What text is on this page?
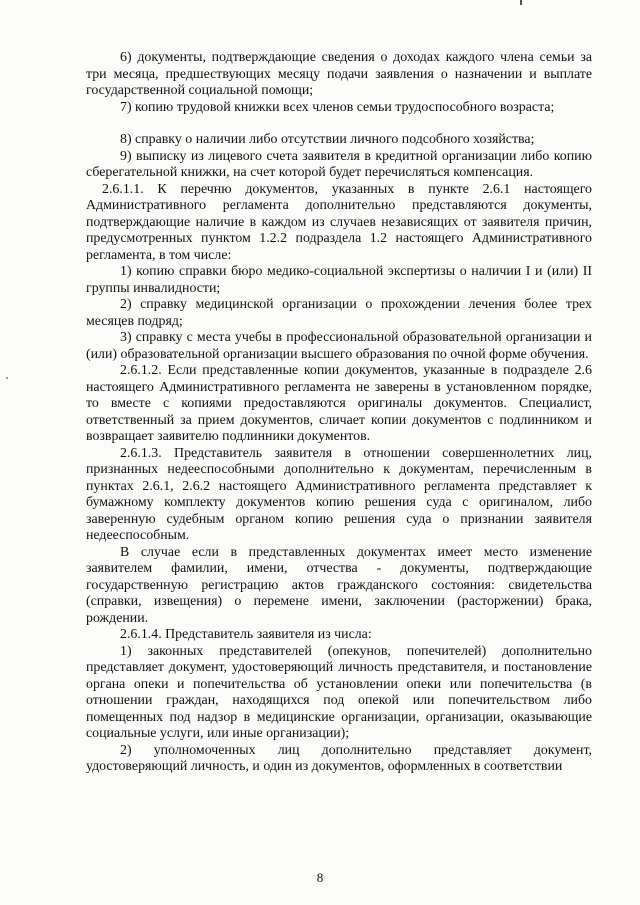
6) документы, подтверждающие сведения о доходах каждого члена семьи за три месяца, предшествующих месяцу подачи заявления о назначении и выплате государственной социальной помощи;

7) копию трудовой книжки всех членов семьи трудоспособного возраста;

8) справку о наличии либо отсутствии личного подсобного хозяйства;

9) выписку из лицевого счета заявителя в кредитной организации либо копию сберегательной книжки, на счет которой будет перечисляться компенсация.

2.6.1.1. К перечню документов, указанных в пункте 2.6.1 настоящего Административного регламента дополнительно представляются документы, подтверждающие наличие в каждом из случаев независящих от заявителя причин, предусмотренных пунктом 1.2.2 подраздела 1.2 настоящего Административного регламента, в том числе:

1) копию справки бюро медико-социальной экспертизы о наличии I и (или) II группы инвалидности;

2) справку медицинской организации о прохождении лечения более трех месяцев подряд;

3) справку с места учебы в профессиональной образовательной организации и (или) образовательной организации высшего образования по очной форме обучения.

2.6.1.2. Если представленные копии документов, указанные в подразделе 2.6 настоящего Административного регламента не заверены в установленном порядке, то вместе с копиями предоставляются оригиналы документов. Специалист, ответственный за прием документов, сличает копии документов с подлинником и возвращает заявителю подлинники документов.

2.6.1.3. Представитель заявителя в отношении совершеннолетних лиц, признанных недееспособными дополнительно к документам, перечисленным в пунктах 2.6.1, 2.6.2 настоящего Административного регламента представляет к бумажному комплекту документов копию решения суда с оригиналом, либо заверенную судебным органом копию решения суда о признании заявителя недееспособным.

В случае если в представленных документах имеет место изменение заявителем фамилии, имени, отчества - документы, подтверждающие государственную регистрацию актов гражданского состояния: свидетельства (справки, извещения) о перемене имени, заключении (расторжении) брака, рождении.

2.6.1.4. Представитель заявителя из числа:

1) законных представителей (опекунов, попечителей) дополнительно представляет документ, удостоверяющий личность представителя, и постановление органа опеки и попечительства об установлении опеки или попечительства (в отношении граждан, находящихся под опекой или попечительством либо помещенных под надзор в медицинские организации, организации, оказывающие социальные услуги, или иные организации);

2) уполномоченных лиц дополнительно представляет документ, удостоверяющий личность, и один из документов, оформленных в соответствии

8
